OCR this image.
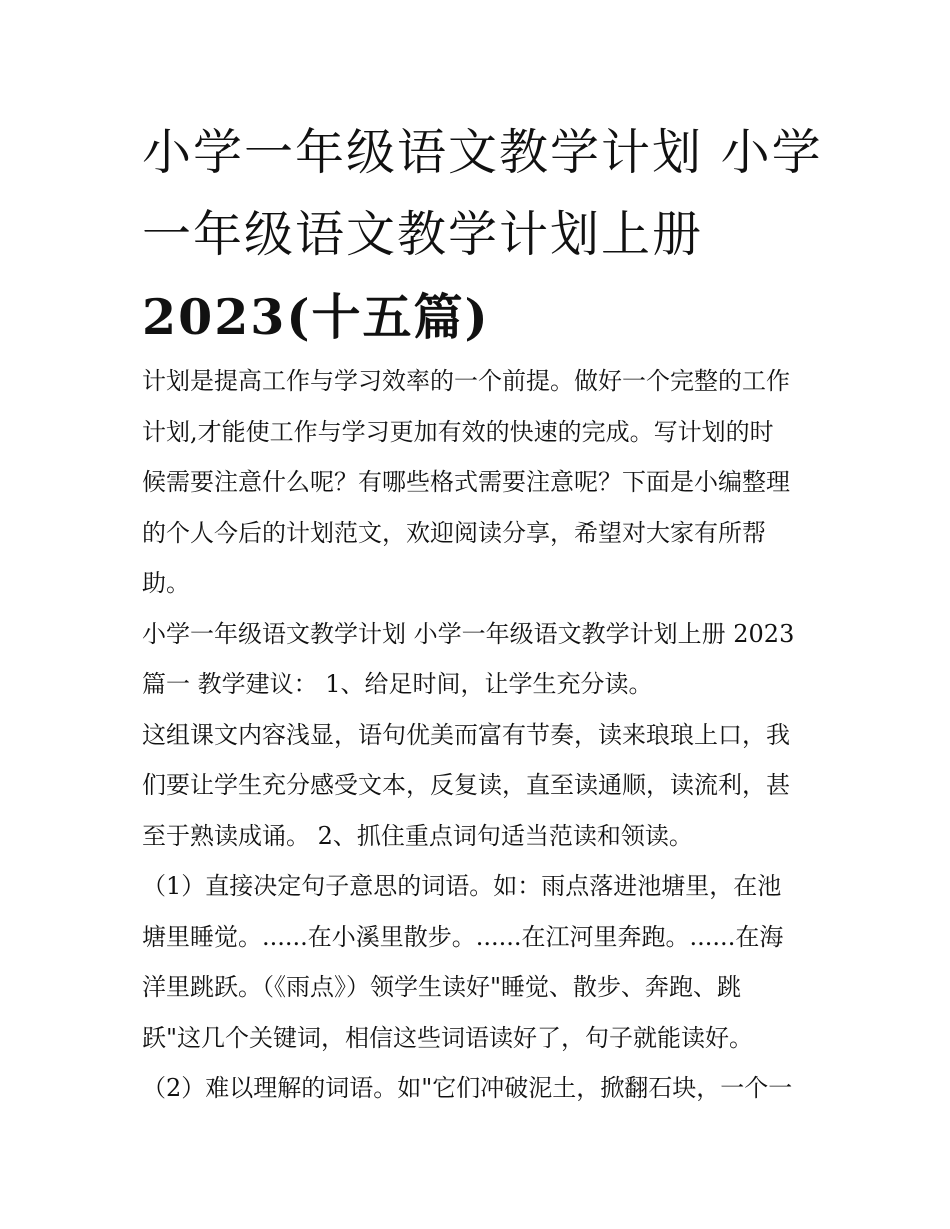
小学一年级语文教学计划 小学
一年级语文教学计划上册
2023(十五篇)
计划是提高工作与学习效率的一个前提。做好一个完整的工作
计划,才能使工作与学习更加有效的快速的完成。写计划的时
候需要注意什么呢？有哪些格式需要注意呢？下面是小编整理
的个人今后的计划范文，欢迎阅读分享，希望对大家有所帮
助。
小学一年级语文教学计划 小学一年级语文教学计划上册 2023
篇一 教学建议： 1、给足时间，让学生充分读。
这组课文内容浅显，语句优美而富有节奏，读来琅琅上口，我
们要让学生充分感受文本，反复读，直至读通顺，读流利，甚
至于熟读成诵。 2、抓住重点词句适当范读和领读。
（1）直接决定句子意思的词语。如：雨点落进池塘里，在池
塘里睡觉。......在小溪里散步。......在江河里奔跑。......在海
洋里跳跃。（《雨点》）领学生读好"睡觉、散步、奔跑、跳
跃"这几个关键词，相信这些词语读好了，句子就能读好。
（2）难以理解的词语。如"它们冲破泥土，掀翻石块，一个一
